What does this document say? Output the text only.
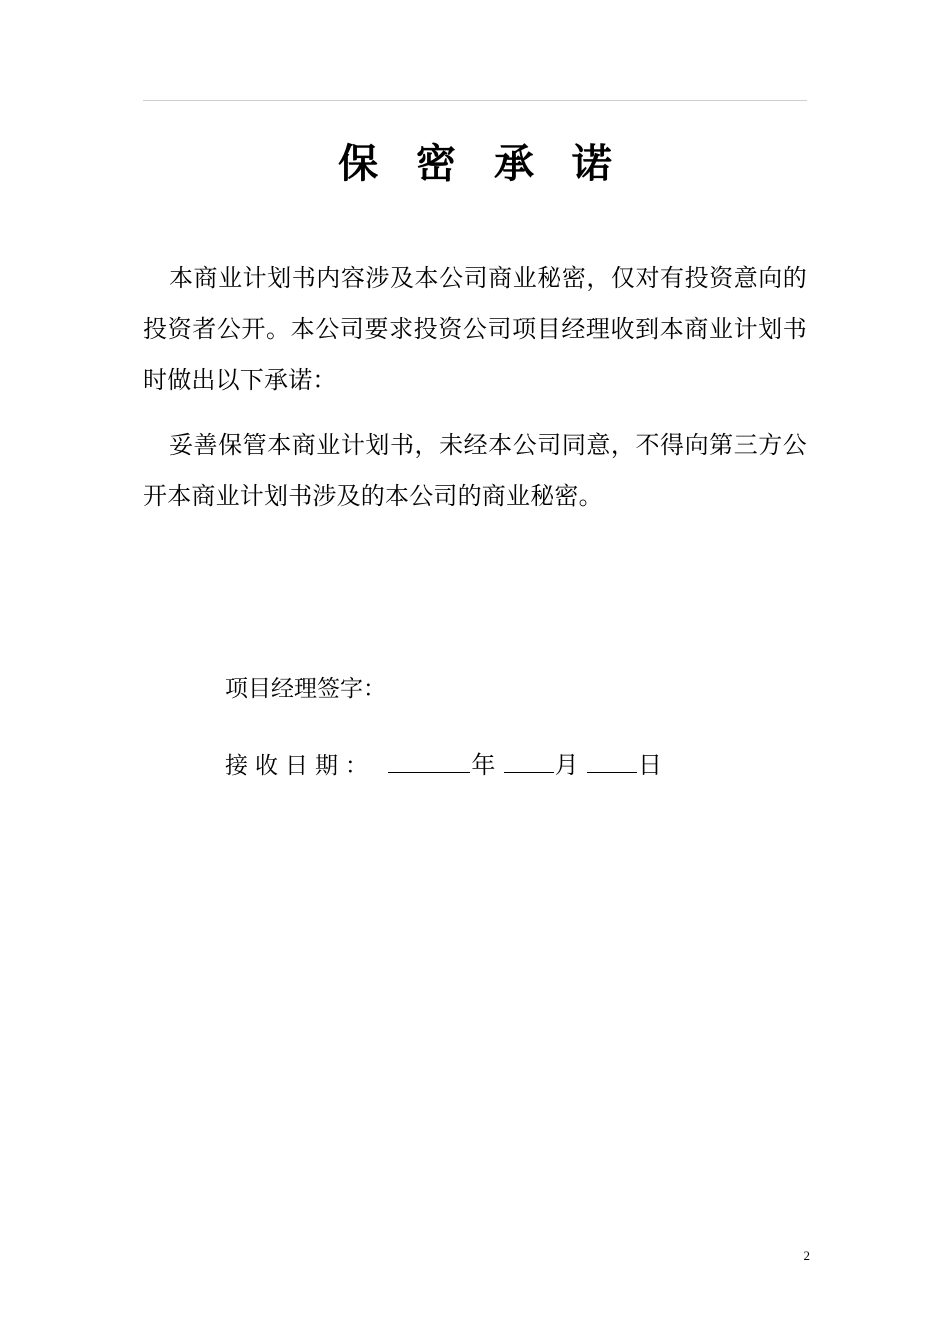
保 密 承 诺

本商业计划书内容涉及本公司商业秘密，仅对有投资意向的投资者公开。本公司要求投资公司项目经理收到本商业计划书时做出以下承诺：

妥善保管本商业计划书，未经本公司同意，不得向第三方公开本商业计划书涉及的本公司的商业秘密。

项目经理签字：
接收日期：	年 月 日
2
